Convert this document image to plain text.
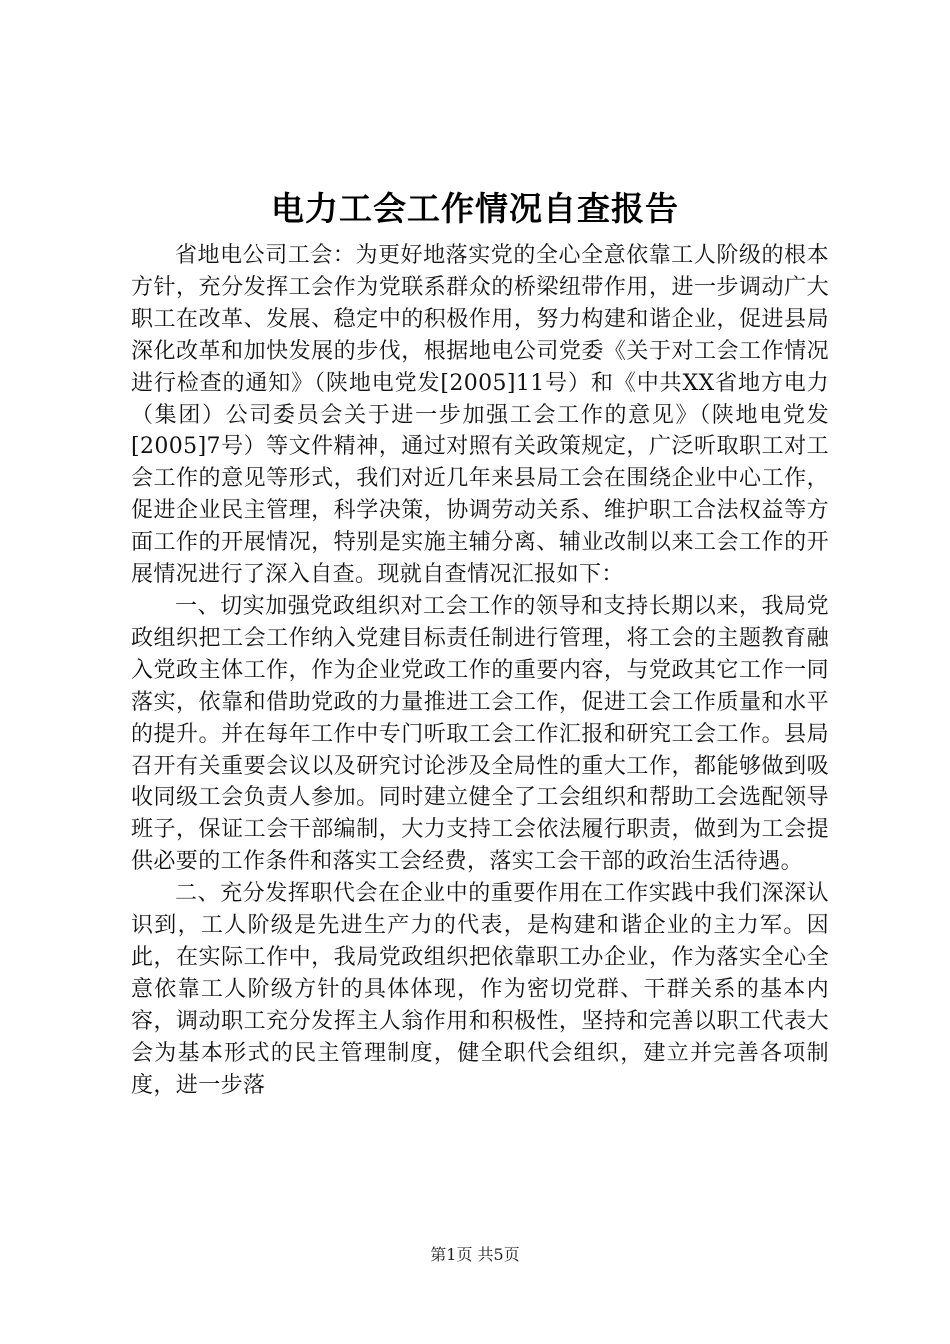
电力工会工作情况自查报告

省地电公司工会：为更好地落实党的全心全意依靠工人阶级的根本方针，充分发挥工会作为党联系群众的桥梁纽带作用，进一步调动广大职工在改革、发展、稳定中的积极作用，努力构建和谐企业，促进县局深化改革和加快发展的步伐，根据地电公司党委《关于对工会工作情况进行检查的通知》（陕地电党发[2005]11号）和《中共XX省地方电力（集团）公司委员会关于进一步加强工会工作的意见》（陕地电党发[2005]7号）等文件精神，通过对照有关政策规定，广泛听取职工对工会工作的意见等形式，我们对近几年来县局工会在围绕企业中心工作，促进企业民主管理，科学决策，协调劳动关系、维护职工合法权益等方面工作的开展情况，特别是实施主辅分离、辅业改制以来工会工作的开展情况进行了深入自查。现就自查情况汇报如下：

一、切实加强党政组织对工会工作的领导和支持长期以来，我局党政组织把工会工作纳入党建目标责任制进行管理，将工会的主题教育融入党政主体工作，作为企业党政工作的重要内容，与党政其它工作一同落实，依靠和借助党政的力量推进工会工作，促进工会工作质量和水平的提升。并在每年工作中专门听取工会工作汇报和研究工会工作。县局召开有关重要会议以及研究讨论涉及全局性的重大工作，都能够做到吸收同级工会负责人参加。同时建立健全了工会组织和帮助工会选配领导班子，保证工会干部编制，大力支持工会依法履行职责，做到为工会提供必要的工作条件和落实工会经费，落实工会干部的政治生活待遇。

二、充分发挥职代会在企业中的重要作用在工作实践中我们深深认识到，工人阶级是先进生产力的代表，是构建和谐企业的主力军。因此，在实际工作中，我局党政组织把依靠职工办企业，作为落实全心全意依靠工人阶级方针的具体体现，作为密切党群、干群关系的基本内容，调动职工充分发挥主人翁作用和积极性，坚持和完善以职工代表大会为基本形式的民主管理制度，健全职代会组织，建立并完善各项制度，进一步落

第1页 共5页
